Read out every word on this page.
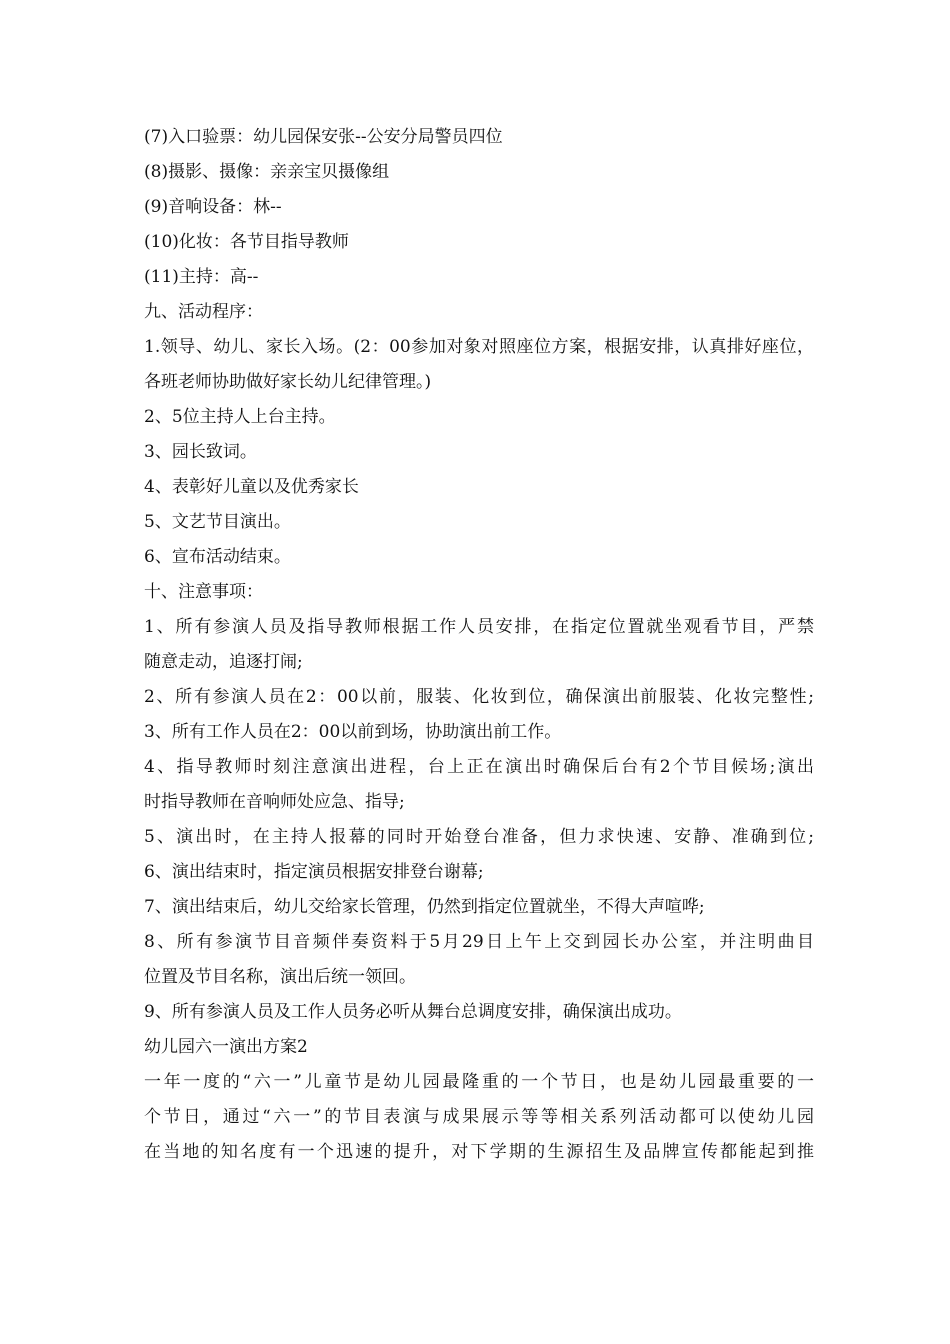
(7)入口验票：幼儿园保安张--公安分局警员四位
(8)摄影、摄像：亲亲宝贝摄像组
(9)音响设备：林--
(10)化妆：各节目指导教师
(11)主持：高--
九、活动程序：
1.领导、幼儿、家长入场。(2：00参加对象对照座位方案，根据安排，认真排好座位，
各班老师协助做好家长幼儿纪律管理。)
2、5位主持人上台主持。
3、园长致词。
4、表彰好儿童以及优秀家长
5、文艺节目演出。
6、宣布活动结束。
十、注意事项：
1、所有参演人员及指导教师根据工作人员安排，在指定位置就坐观看节目，严禁
随意走动，追逐打闹;
2、所有参演人员在2：00以前，服装、化妆到位，确保演出前服装、化妆完整性;
3、所有工作人员在2：00以前到场，协助演出前工作。
4、指导教师时刻注意演出进程，台上正在演出时确保后台有2个节目候场;演出
时指导教师在音响师处应急、指导;
5、演出时，在主持人报幕的同时开始登台准备，但力求快速、安静、准确到位;
6、演出结束时，指定演员根据安排登台谢幕;
7、演出结束后，幼儿交给家长管理，仍然到指定位置就坐，不得大声喧哗;
8、所有参演节目音频伴奏资料于5月29日上午上交到园长办公室，并注明曲目
位置及节目名称，演出后统一领回。
9、所有参演人员及工作人员务必听从舞台总调度安排，确保演出成功。
幼儿园六一演出方案2
一年一度的“六一”儿童节是幼儿园最隆重的一个节日，也是幼儿园最重要的一
个节日，通过“六一”的节目表演与成果展示等等相关系列活动都可以使幼儿园
在当地的知名度有一个迅速的提升，对下学期的生源招生及品牌宣传都能起到推
